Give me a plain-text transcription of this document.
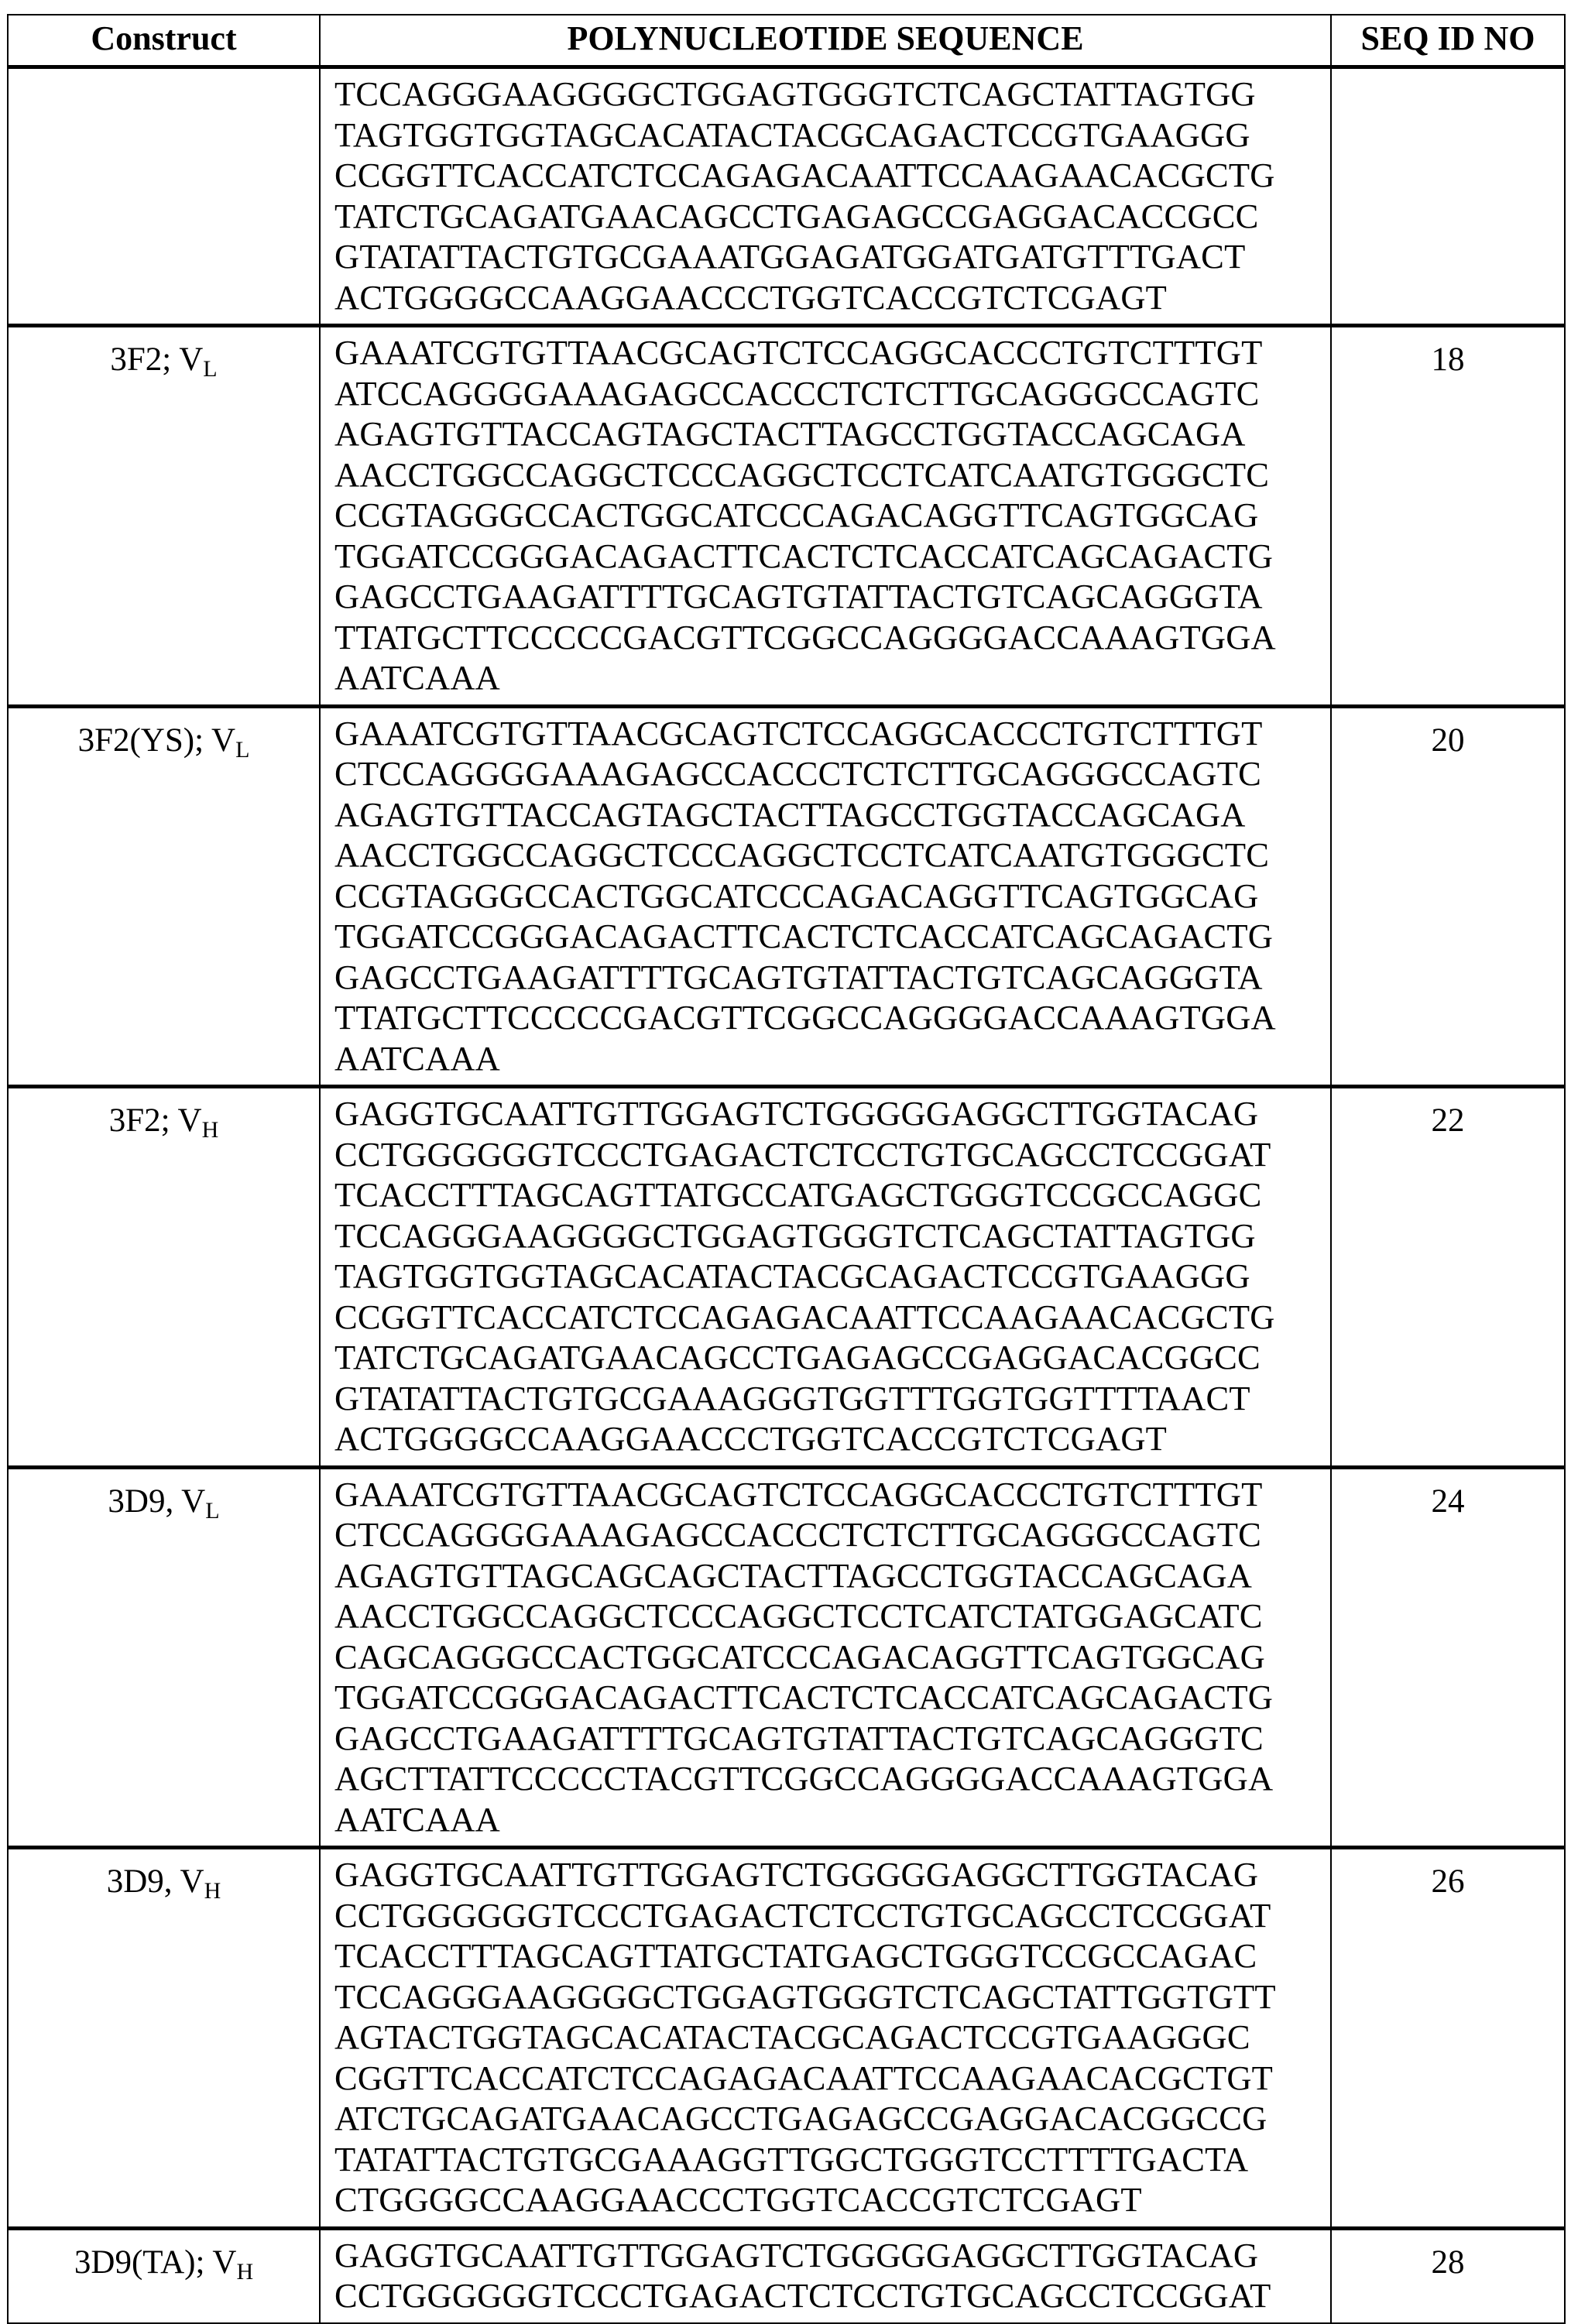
Construct	POLYNUCLEOTIDE SEQUENCE	SEQ ID NO

TCCAGGGAAGGGGCTGGAGTGGGTCTCAGCTATTAGTGG
TAGTGGTGGTAGCACATACTACGCAGACTCCGTGAAGGG
CCGGTTCACCATCTCCAGAGACAATTCCAAGAACACGCTG
TATCTGCAGATGAACAGCCTGAGAGCCGAGGACACCGCC
GTATATTACTGTGCGAAATGGAGATGGATGATGTTTGACT
ACTGGGGCCAAGGAACCCTGGTCACCGTCTCGAGT

3F2; $V_L$	GAAATCGTGTTAACGCAGTCTCCAGGCACCCTGTCTTTGT
ATCCAGGGGAAAGAGCCACCCTCTCTTGCAGGGCCAGTC
AGAGTGTTACCAGTAGCTACTTAGCCTGGTACCAGCAGA
AACCTGGCCAGGCTCCCAGGCTCCTCATCAATGTGGGCTC
CCGTAGGGCCACTGGCATCCCAGACAGGTTCAGTGGCAG
TGGATCCGGGACAGACTTCACTCTCACCATCAGCAGACTG
GAGCCTGAAGATTTTGCAGTGTATTACTGTCAGCAGGGTA
TTATGCTTCCCCCGACGTTCGGCCAGGGGACCAAAGTGGA
AATCAAA
	18
3F2(YS); $V_L$	GAAATCGTGTTAACGCAGTCTCCAGGCACCCTGTCTTTGT
CTCCAGGGGAAAGAGCCACCCTCTCTTGCAGGGCCAGTC
AGAGTGTTACCAGTAGCTACTTAGCCTGGTACCAGCAGA
AACCTGGCCAGGCTCCCAGGCTCCTCATCAATGTGGGCTC
CCGTAGGGCCACTGGCATCCCAGACAGGTTCAGTGGCAG
TGGATCCGGGACAGACTTCACTCTCACCATCAGCAGACTG
GAGCCTGAAGATTTTGCAGTGTATTACTGTCAGCAGGGTA
TTATGCTTCCCCCGACGTTCGGCCAGGGGACCAAAGTGGA
AATCAAA
	20
3F2; $V_H$	GAGGTGCAATTGTTGGAGTCTGGGGGAGGCTTGGTACAG
CCTGGGGGGTCCCTGAGACTCTCCTGTGCAGCCTCCGGAT
TCACCTTTAGCAGTTATGCCATGAGCTGGGTCCGCCAGGC
TCCAGGGAAGGGGCTGGAGTGGGTCTCAGCTATTAGTGG
TAGTGGTGGTAGCACATACTACGCAGACTCCGTGAAGGG
CCGGTTCACCATCTCCAGAGACAATTCCAAGAACACGCTG
TATCTGCAGATGAACAGCCTGAGAGCCGAGGACACGGCC
GTATATTACTGTGCGAAAGGGTGGTTTGGTGGTTTTAACT
ACTGGGGCCAAGGAACCCTGGTCACCGTCTCGAGT
	22
3D9, $V_L$	GAAATCGTGTTAACGCAGTCTCCAGGCACCCTGTCTTTGT
CTCCAGGGGAAAGAGCCACCCTCTCTTGCAGGGCCAGTC
AGAGTGTTAGCAGCAGCTACTTAGCCTGGTACCAGCAGA
AACCTGGCCAGGCTCCCAGGCTCCTCATCTATGGAGCATC
CAGCAGGGCCACTGGCATCCCAGACAGGTTCAGTGGCAG
TGGATCCGGGACAGACTTCACTCTCACCATCAGCAGACTG
GAGCCTGAAGATTTTGCAGTGTATTACTGTCAGCAGGGTC
AGCTTATTCCCCCTACGTTCGGCCAGGGGACCAAAGTGGA
AATCAAA
	24
3D9, $V_H$	GAGGTGCAATTGTTGGAGTCTGGGGGAGGCTTGGTACAG
CCTGGGGGGTCCCTGAGACTCTCCTGTGCAGCCTCCGGAT
TCACCTTTAGCAGTTATGCTATGAGCTGGGTCCGCCAGAC
TCCAGGGAAGGGGCTGGAGTGGGTCTCAGCTATTGGTGTT
AGTACTGGTAGCACATACTACGCAGACTCCGTGAAGGGC
CGGTTCACCATCTCCAGAGACAATTCCAAGAACACGCTGT
ATCTGCAGATGAACAGCCTGAGAGCCGAGGACACGGCCG
TATATTACTGTGCGAAAGGTTGGCTGGGTCCTTTTGACTA
CTGGGGCCAAGGAACCCTGGTCACCGTCTCGAGT
	26
3D9(TA); $V_H$	GAGGTGCAATTGTTGGAGTCTGGGGGAGGCTTGGTACAG
CCTGGGGGGTCCCTGAGACTCTCCTGTGCAGCCTCCGGAT	28
